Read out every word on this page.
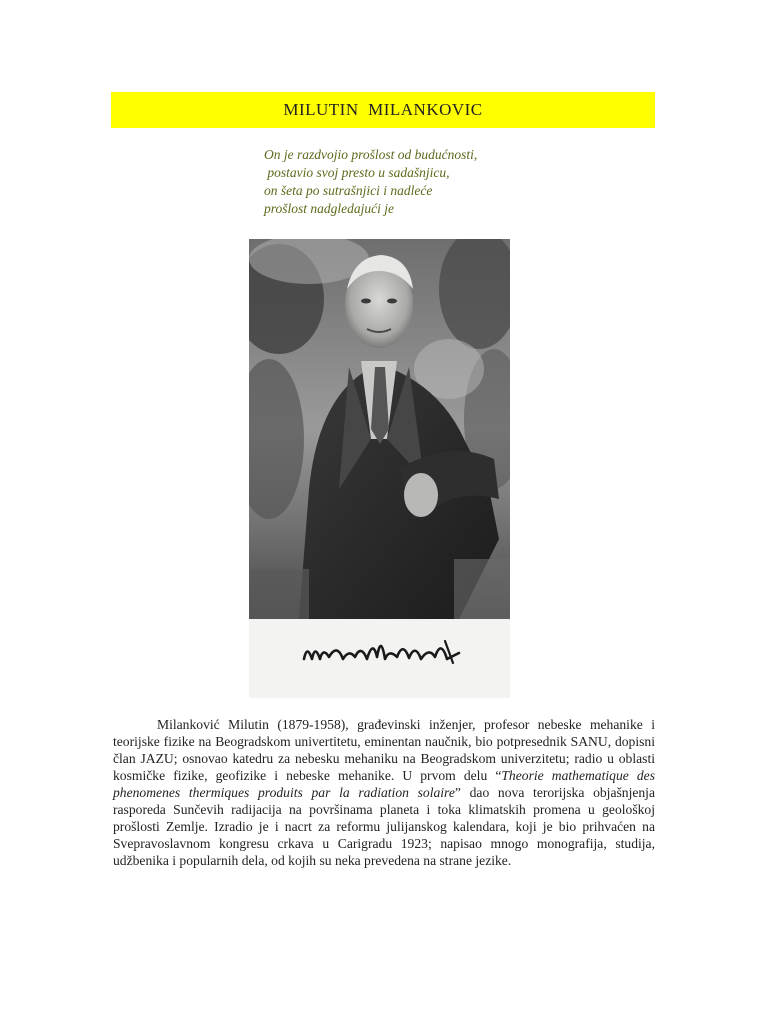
MILUTIN  MILANKOVIC
On je razdvojio prošlost od budućnosti,
postavio svoj presto u sadašnjicu,
on šeta po sutrašnjici i nadleće
prošlost nadgledajući je
Milanković Milutin (1879-1958), građevinski inženjer, profesor nebeske mehanike i teorijske fizike na Beogradskom univertitetu, eminentan naučnik, bio potpresednik SANU, dopisni član JAZU; osnovao katedru za nebesku mehaniku na Beogradskom univerzitetu; radio u oblasti kosmičke fizike, geofizike i nebeske mehanike. U prvom delu “Theorie mathematique des phenomenes thermiques produits par la radiation solaire” dao nova terorijska objašnjenja rasporeda Sunčevih radijacija na površinama planeta i toka klimatskih promena u geološkoj prošlosti Zemlje. Izradio je i nacrt za reformu julijanskog kalendara, koji je bio prihvaćen na Svepravoslavnom kongresu crkava u Carigradu 1923; napisao mnogo monografija, studija, udžbenika i popularnih dela, od kojih su neka prevedena na strane jezike.
